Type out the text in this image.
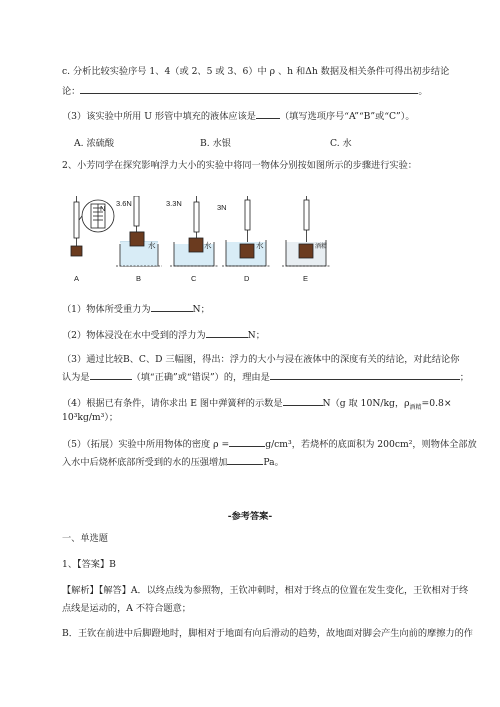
c. 分析比较实验序号 1、4（或 2、5 或 3、6）中 ρ 、h 和Δh 数据及相关条件可得出初步结论
论：	。
（3）该实验中所用 U 形管中填充的液体应该是	（填写选项序号“A”“B”或“C”）。
A. 浓硫酸	B. 水银	C. 水
2、小芳同学在探究影响浮力大小的实验中将同一物体分别按如图所示的步骤进行实验：
N
3.6N	3.3N	3N
水	水	水	酒精
A	B	C	D	E
（1）物体所受重力为	N；
（2）物体浸没在水中受到的浮力为	N；
（3）通过比较B、C、D 三幅图，得出：浮力的大小与浸在液体中的深度有关的结论，对此结论你
认为是	（填“正确”或“错误”）的，理由是	；
（4）根据已有条件，请你求出 E 图中弹簧秤的示数是	N（g 取 10N/kg，$\rho_{酒精}=0.8\times$
10³kg/m³）；
（5）（拓展）实验中所用物体的密度 ρ =	g/cm³，若烧杯的底面积为 200cm²，则物体全部放
入水中后烧杯底部所受到的水的压强增加	Pa。
-参考答案-
一、单选题
1、【答案】B
【解析】【解答】A．以终点线为参照物，王钦冲刺时，相对于终点的位置在发生变化，王钦相对于终
点线是运动的，A 不符合题意；
B．王钦在前进中后脚蹬地时，脚相对于地面有向后滑动的趋势，故地面对脚会产生向前的摩擦力的作
